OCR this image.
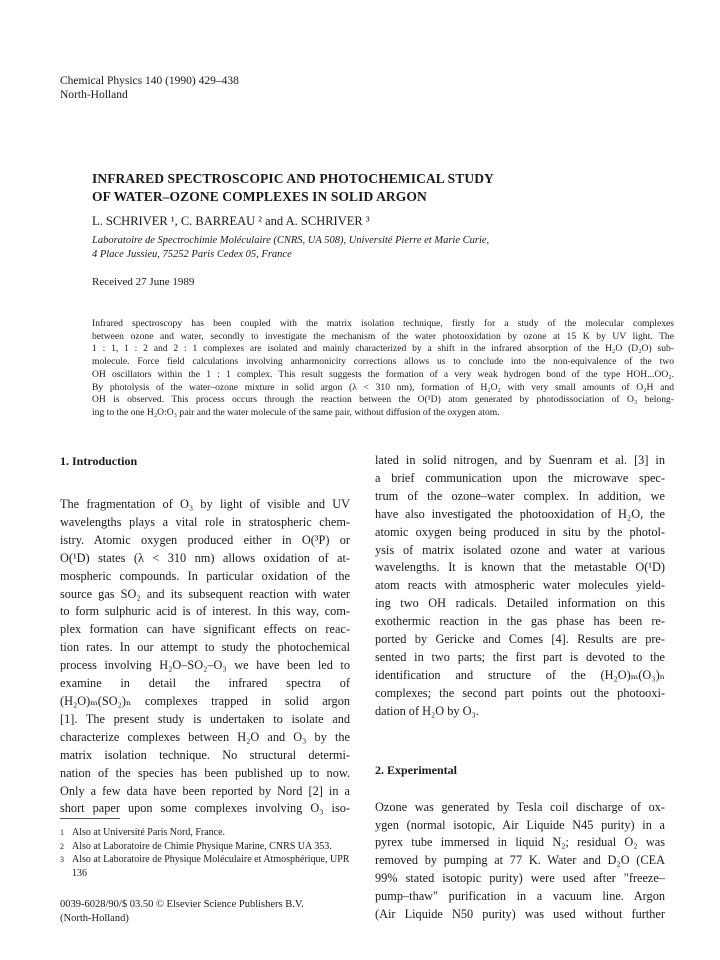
Chemical Physics 140 (1990) 429–438
North-Holland
INFRARED SPECTROSCOPIC AND PHOTOCHEMICAL STUDY
OF WATER–OZONE COMPLEXES IN SOLID ARGON
L. SCHRIVER ¹, C. BARREAU ² and A. SCHRIVER ³
Laboratoire de Spectrochimie Moléculaire (CNRS, UA 508), Université Pierre et Marie Curie,
4 Place Jussieu, 75252 Paris Cedex 05, France
Received 27 June 1989
Infrared spectroscopy has been coupled with the matrix isolation technique, firstly for a study of the molecular complexes
between ozone and water, secondly to investigate the mechanism of the water photooxidation by ozone at 15 K by UV light. The
1 : 1, 1 : 2 and 2 : 1 complexes are isolated and mainly characterized by a shift in the infrared absorption of the H₂O (D₂O) sub-
molecule. Force field calculations involving anharmonicity corrections allows us to conclude into the non-equivalence of the two
OH oscillators within the 1 : 1 complex. This result suggests the formation of a very weak hydrogen bond of the type HOH...OO₂.
By photolysis of the water–ozone mixture in solid argon (λ < 310 nm), formation of H₂O₂ with very small amounts of O₂H and
OH is observed. This process occurs through the reaction between the O(¹D) atom generated by photodissociation of O₃ belong-
ing to the one H₂O:O₃ pair and the water molecule of the same pair, without diffusion of the oxygen atom.
1. Introduction
The fragmentation of O₃ by light of visible and UV
wavelengths plays a vital role in stratospheric chem-
istry. Atomic oxygen produced either in O(³P) or
O(¹D) states (λ < 310 nm) allows oxidation of at-
mospheric compounds. In particular oxidation of the
source gas SO₂ and its subsequent reaction with water
to form sulphuric acid is of interest. In this way, com-
plex formation can have significant effects on reac-
tion rates. In our attempt to study the photochemical
process involving H₂O–SO₂–O₃ we have been led to
examine in detail the infrared spectra of
(H₂O)ₘ(SO₂)ₙ complexes trapped in solid argon
[1]. The present study is undertaken to isolate and
characterize complexes between H₂O and O₃ by the
matrix isolation technique. No structural determi-
nation of the species has been published up to now.
Only a few data have been reported by Nord [2] in a
short paper upon some complexes involving O₃ iso-
lated in solid nitrogen, and by Suenram et al. [3] in
a brief communication upon the microwave spec-
trum of the ozone–water complex. In addition, we
have also investigated the photooxidation of H₂O, the
atomic oxygen being produced in situ by the photol-
ysis of matrix isolated ozone and water at various
wavelengths. It is known that the metastable O(¹D)
atom reacts with atmospheric water molecules yield-
ing two OH radicals. Detailed information on this
exothermic reaction in the gas phase has been re-
ported by Gericke and Comes [4]. Results are pre-
sented in two parts; the first part is devoted to the
identification and structure of the (H₂O)ₘ(O₃)ₙ
complexes; the second part points out the photooxi-
dation of H₂O by O₃.
2. Experimental
Ozone was generated by Tesla coil discharge of ox-
ygen (normal isotopic, Air Liquide N45 purity) in a
pyrex tube immersed in liquid N₂; residual O₂ was
removed by pumping at 77 K. Water and D₂O (CEA
99% stated isotopic purity) were used after "freeze–
pump–thaw" purification in a vacuum line. Argon
(Air Liquide N50 purity) was used without further
1 Also at Université Paris Nord, France.
2 Also at Laboratoire de Chimie Physique Marine, CNRS UA 353.
3 Also at Laboratoire de Physique Moléculaire et Atmosphérique, UPR 136
0039-6028/90/$ 03.50 © Elsevier Science Publishers B.V.
(North-Holland)
